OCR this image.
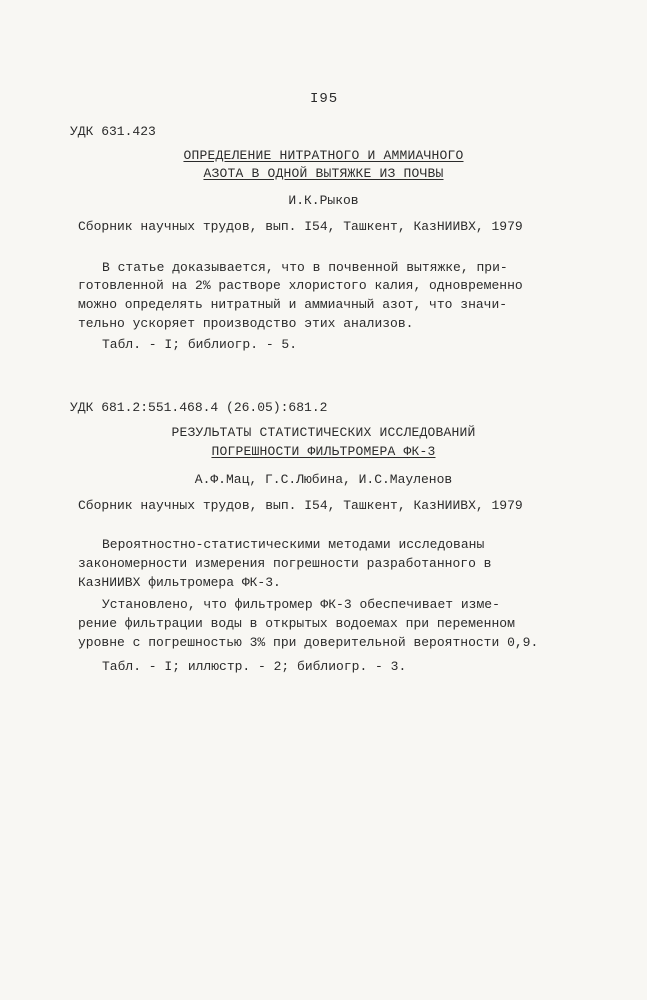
I95
УДК 631.423
ОПРЕДЕЛЕНИЕ НИТРАТНОГО И АММИАЧНОГО
АЗОТА В ОДНОЙ ВЫТЯЖКЕ ИЗ ПОЧВЫ
И.К.Рыков
Сборник научных трудов, вып. I54, Ташкент, КазНИИВХ, 1979
В статье доказывается, что в почвенной вытяжке, при-
готовленной на 2% растворе хлористого калия, одновременно
можно определять нитратный и аммиачный азот, что значи-
тельно ускоряет производство этих анализов.
Табл. - I; библиогр. - 5.
УДК 681.2:551.468.4 (26.05):681.2
РЕЗУЛЬТАТЫ СТАТИСТИЧЕСКИХ ИССЛЕДОВАНИЙ
ПОГРЕШНОСТИ ФИЛЬТРОМЕРА ФК-3
А.Ф.Мац, Г.С.Любина, И.С.Мауленов
Сборник научных трудов, вып. I54, Ташкент, КазНИИВХ, 1979
Вероятностно-статистическими методами исследованы
закономерности измерения погрешности разработанного в
КазНИИВХ фильтромера ФК-3.
Установлено, что фильтромер ФК-3 обеспечивает изме-
рение фильтрации воды в открытых водоемах при переменном
уровне с погрешностью 3% при доверительной вероятности 0,9.
Табл. - I; иллюстр. - 2; библиогр. - 3.
